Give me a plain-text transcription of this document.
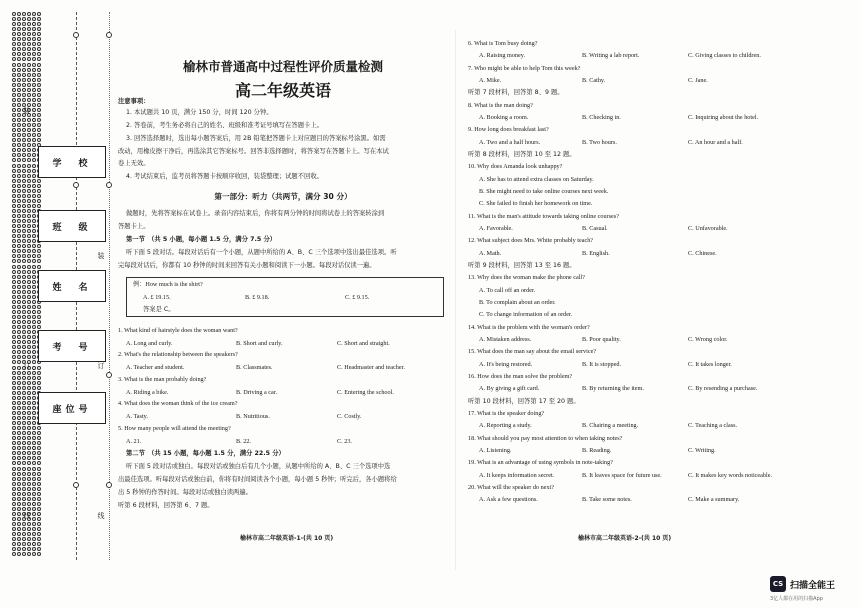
装
订
线
装
订
线
学　校
班　级
姓　名
考　号
座位号
榆林市普通高中过程性评价质量检测
高二年级英语
注意事项：
1. 本试题共 10 页，满分 150 分，时间 120 分钟。
2. 答卷前，考生务必将自己的姓名、班级和准考证号填写在答题卡上。
3. 回答选择题时，选出每小题答案后，用 2B 铅笔把答题卡上对应题目的答案标号涂黑。如需
改动，用橡皮擦干净后，再选涂其它答案标号。回答非选择题时，将答案写在答题卡上。写在本试
卷上无效。
4. 考试结束后，监考员将答题卡按顺序收回，装袋整理；试题不回收。
第一部分：听力（共两节，满分 30 分）
做题时，先将答案标在试卷上。录音内容结束后，你将有两分钟的时间将试卷上的答案转涂到
答题卡上。
第一节　（共 5 小题，每小题 1.5 分，满分 7.5 分）
听下面 5 段对话。每段对话后有一个小题，从题中所给的 A、B、C 三个选项中选出最佳选项。听
完每段对话后，你都有 10 秒钟的时间来回答有关小题和阅读下一小题。每段对话仅读一遍。
例：How much is the shirt?
A. £ 19.15.	B. £ 9.18.	C. £ 9.15.
答案是 C。
1. What kind of hairstyle does the woman want?
A. Long and curly.	B. Short and curly.	C. Short and straight.
2. What's the relationship between the speakers?
A. Teacher and student.	B. Classmates.	C. Headmaster and teacher.
3. What is the man probably doing?
A. Riding a bike.	B. Driving a car.	C. Entering the school.
4. What does the woman think of the ice cream?
A. Tasty.	B. Nutritious.	C. Costly.
5. How many people will attend the meeting?
A. 21.	B. 22.	C. 23.
第二节　（共 15 小题，每小题 1.5 分，满分 22.5 分）
听下面 5 段对话或独白。每段对话或独白后有几个小题，从题中所给的 A、B、C 三个选项中选
出最佳选项。听每段对话或独白前，你将有时间阅读各个小题，每小题 5 秒钟；听完后，各小题将给
出 5 秒钟的作答时间。每段对话或独白读两遍。
听第 6 段材料，回答第 6、7 题。
榆林市高二年级英语-1-(共 10 页)
6. What is Tom busy doing?
A. Raising money.	B. Writing a lab report.	C. Giving classes to children.
7. Who might be able to help Tom this week?
A. Mike.	B. Cathy.	C. Jane.
听第 7 段材料，回答第 8、9 题。
8. What is the man doing?
A. Booking a room.	B. Checking in.	C. Inquiring about the hotel.
9. How long does breakfast last?
A. Two and a half hours.	B. Two hours.	C. An hour and a half.
听第 8 段材料，回答第 10 至 12 题。
10. Why does Amanda look unhappy?
A. She has to attend extra classes on Saturday.
B. She might need to take online courses next week.
C. She failed to finish her homework on time.
11. What is the man's attitude towards taking online courses?
A. Favorable.	B. Casual.	C. Unfavorable.
12. What subject does Mrs. White probably teach?
A. Math.	B. English.	C. Chinese.
听第 9 段材料，回答第 13 至 16 题。
13. Why does the woman make the phone call?
A. To call off an order.
B. To complain about an order.
C. To change information of an order.
14. What is the problem with the woman's order?
A. Mistaken address.	B. Poor quality.	C. Wrong color.
15. What does the man say about the email service?
A. It's being restored.	B. It is stopped.	C. It takes longer.
16. How does the man solve the problem?
A. By giving a gift card.	B. By returning the item.	C. By resending a purchase.
听第 10 段材料，回答第 17 至 20 题。
17. What is the speaker doing?
A. Reporting a study.	B. Chairing a meeting.	C. Teaching a class.
18. What should you pay most attention to when taking notes?
A. Listening.	B. Reading.	C. Writing.
19. What is an advantage of using symbols in note-taking?
A. It keeps information secret.	B. It leaves space for future use.	C. It makes key words noticeable.
20. What will the speaker do next?
A. Ask a few questions.	B. Take some notes.	C. Make a summary.
榆林市高二年级英语-2-(共 10 页)
CS 扫描全能王
3亿人都在用的扫描App
